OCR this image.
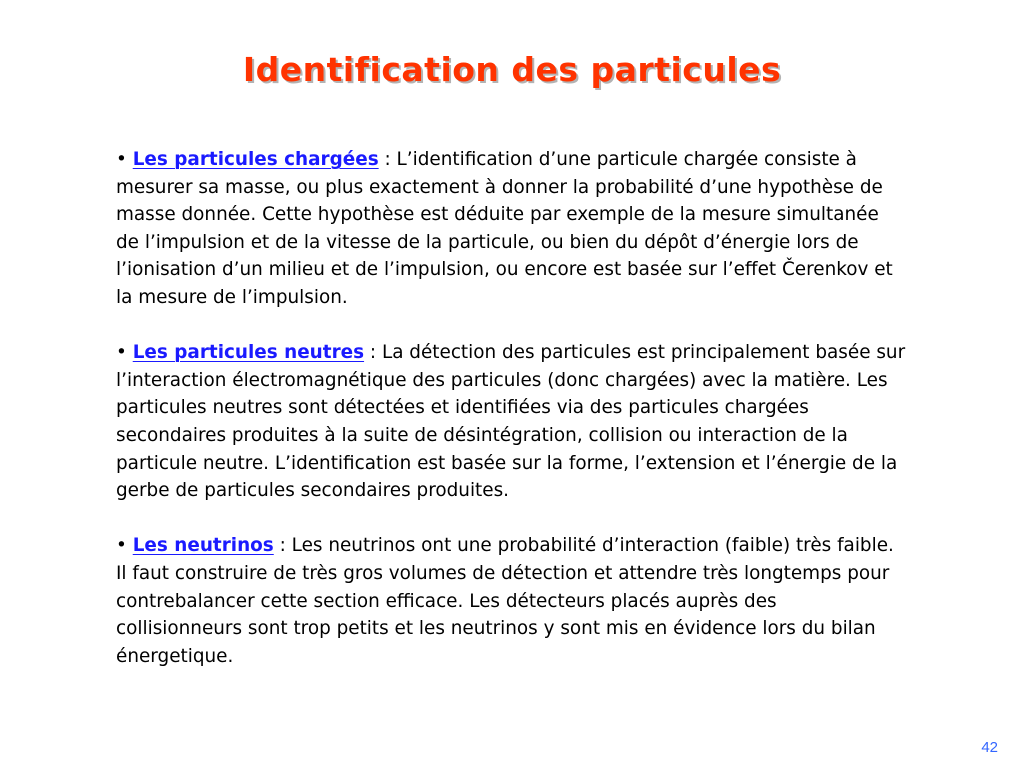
Identification des particules

• Les particules chargées : L’identification d’une particule chargée consiste à mesurer sa masse, ou plus exactement à donner la probabilité d’une hypothèse de masse donnée. Cette hypothèse est déduite par exemple de la mesure simultanée de l’impulsion et de la vitesse de la particule, ou bien du dépôt d’énergie lors de l’ionisation d’un milieu et de l’impulsion, ou encore est basée sur l’effet Čerenkov et la mesure de l’impulsion.

• Les particules neutres : La détection des particules est principalement basée sur l’interaction électromagnétique des particules (donc chargées) avec la matière. Les particules neutres sont détectées et identifiées via des particules chargées secondaires produites à la suite de désintégration, collision ou interaction de la particule neutre. L’identification est basée sur la forme, l’extension et l’énergie de la gerbe de particules secondaires produites.

• Les neutrinos : Les neutrinos ont une probabilité d’interaction (faible) très faible. Il faut construire de très gros volumes de détection et attendre très longtemps pour contrebalancer cette section efficace. Les détecteurs placés auprès des collisionneurs sont trop petits et les neutrinos y sont mis en évidence lors du bilan énergetique.

42
